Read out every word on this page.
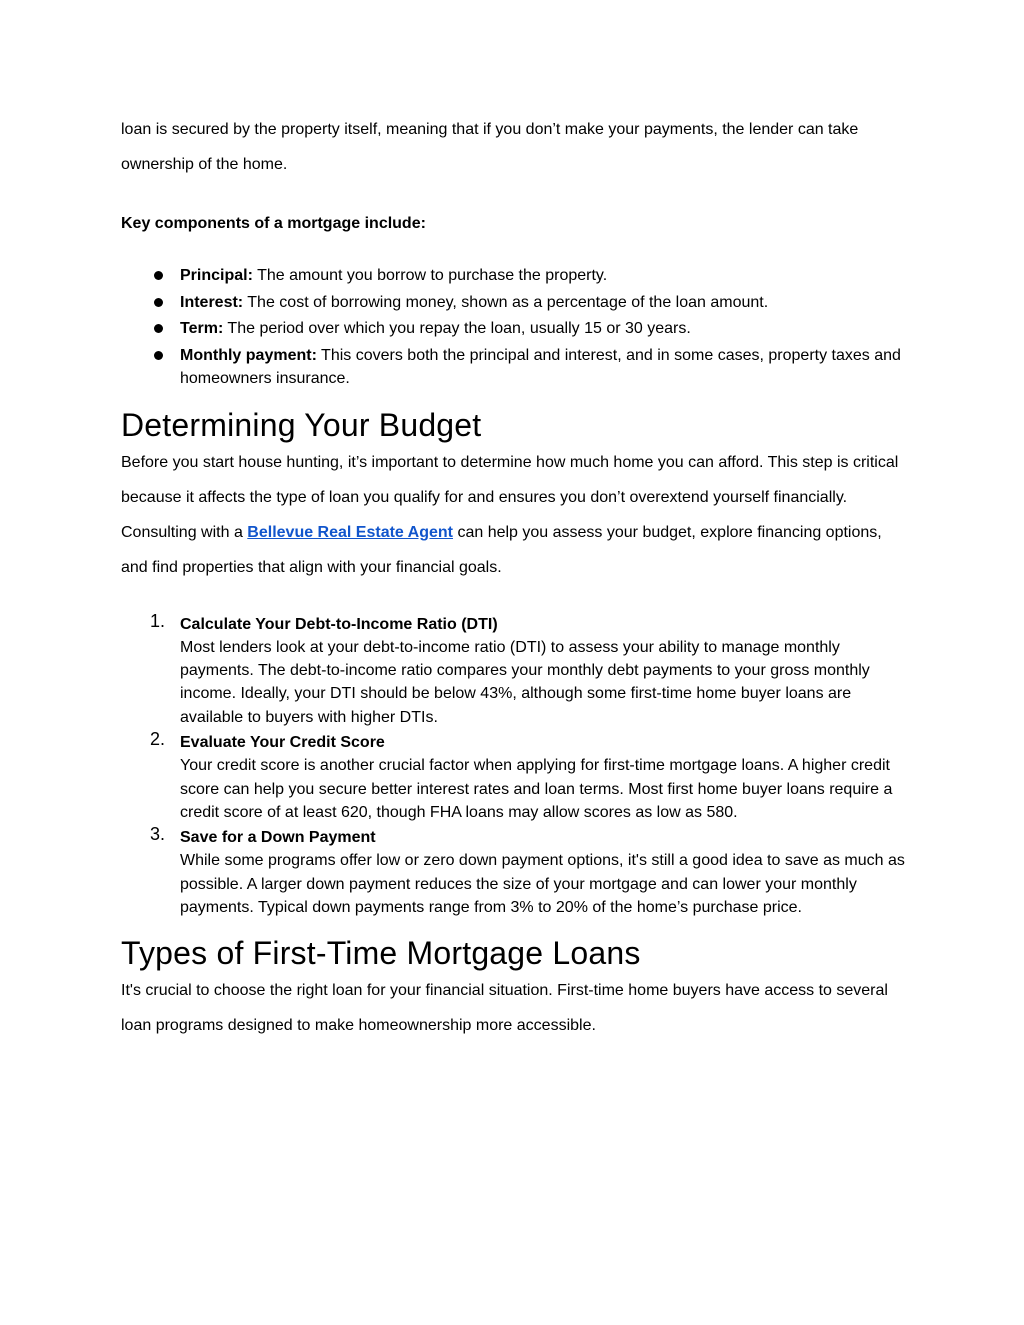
loan is secured by the property itself, meaning that if you don’t make your payments, the lender can take ownership of the home.

Key components of a mortgage include:

Principal: The amount you borrow to purchase the property.
Interest: The cost of borrowing money, shown as a percentage of the loan amount.
Term: The period over which you repay the loan, usually 15 or 30 years.
Monthly payment: This covers both the principal and interest, and in some cases, property taxes and homeowners insurance.
Determining Your Budget

Before you start house hunting, it’s important to determine how much home you can afford. This step is critical because it affects the type of loan you qualify for and ensures you don’t overextend yourself financially. Consulting with a Bellevue Real Estate Agent can help you assess your budget, explore financing options, and find properties that align with your financial goals.

1. Calculate Your Debt-to-Income Ratio (DTI)
Most lenders look at your debt-to-income ratio (DTI) to assess your ability to manage monthly payments. The debt-to-income ratio compares your monthly debt payments to your gross monthly income. Ideally, your DTI should be below 43%, although some first-time home buyer loans are available to buyers with higher DTIs.
2. Evaluate Your Credit Score
Your credit score is another crucial factor when applying for first-time mortgage loans. A higher credit score can help you secure better interest rates and loan terms. Most first home buyer loans require a credit score of at least 620, though FHA loans may allow scores as low as 580.
3. Save for a Down Payment
While some programs offer low or zero down payment options, it's still a good idea to save as much as possible. A larger down payment reduces the size of your mortgage and can lower your monthly payments. Typical down payments range from 3% to 20% of the home’s purchase price.
Types of First-Time Mortgage Loans

It's crucial to choose the right loan for your financial situation. First-time home buyers have access to several loan programs designed to make homeownership more accessible.
